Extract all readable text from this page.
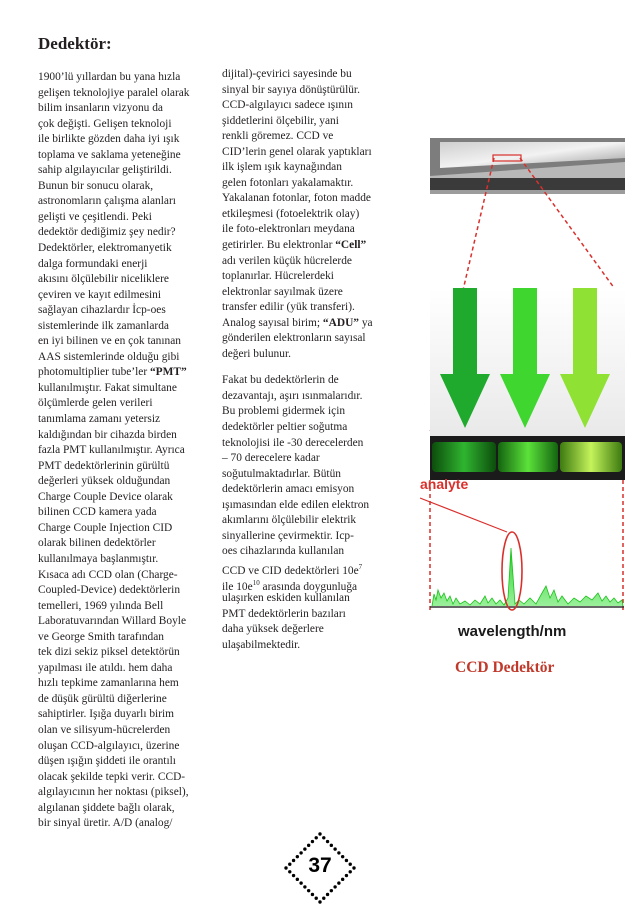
Dedektör:
1900’lü yıllardan bu yana hızla
gelişen teknolojiye paralel olarak
bilim insanların vizyonu da
çok değişti. Gelişen teknoloji
ile birlikte gözden daha iyi ışık
toplama ve saklama yeteneğine
sahip algılayıcılar geliştirildi.
Bunun bir sonucu olarak,
astronomların çalışma alanları
gelişti ve çeşitlendi. Peki
dedektör dediğimiz şey nedir?
Dedektörler, elektromanyetik
dalga formundaki enerji
akısını ölçülebilir niceliklere
çeviren ve kayıt edilmesini
sağlayan cihazlardır İcp-oes
sistemlerinde ilk zamanlarda
en iyi bilinen ve en çok tanınan
AAS sistemlerinde olduğu gibi
photomultiplier tube’ler “PMT”
kullanılmıştır. Fakat simultane
ölçümlerde gelen verileri
tanımlama zamanı yetersiz
kaldığından bir cihazda birden
fazla PMT kullanılmıştır. Ayrıca
PMT dedektörlerinin gürültü
değerleri yüksek olduğundan
Charge Couple Device olarak
bilinen CCD kamera yada
Charge Couple Injection CID
olarak bilinen dedektörler
kullanılmaya başlanmıştır.
Kısaca adı CCD olan (Charge-
Coupled-Device) dedektörlerin
temelleri, 1969 yılında Bell
Laboratuvarından Willard Boyle
ve George Smith tarafından
tek dizi sekiz piksel detektörün
yapılması ile atıldı. hem daha
hızlı tepkime zamanlarına hem
de düşük gürültü diğerlerine
sahiptirler. Işığa duyarlı birim
olan ve silisyum-hücrelerden
oluşan CCD-algılayıcı, üzerine
düşen ışığın şiddeti ile orantılı
olacak şekilde tepki verir. CCD-
algılayıcının her noktası (piksel),
algılanan şiddete bağlı olarak,
bir sinyal üretir. A/D (analog/
dijital)-çevirici sayesinde bu
sinyal bir sayıya dönüştürülür.
CCD-algılayıcı sadece ışının
şiddetlerini ölçebilir, yani
renkli göremez. CCD ve
CID’lerin genel olarak yaptıkları
ilk işlem ışık kaynağından
gelen fotonları yakalamaktır.
Yakalanan fotonlar, foton madde
etkileşmesi (fotoelektrik olay)
ile foto-elektronları meydana
getirirler. Bu elektronlar “Cell”
adı verilen küçük hücrelerde
toplanırlar. Hücrelerdeki
elektronlar sayılmak üzere
transfer edilir (yük transferi).
Analog sayısal birim; “ADU” ya
gönderilen elektronların sayısal
değeri bulunur.
Fakat bu dedektörlerin de
dezavantajı, aşırı ısınmalarıdır.
Bu problemi gidermek için
dedektörler peltier soğutma
teknolojisi ile -30 derecelerden
– 70 derecelere kadar
soğutulmaktadırlar. Bütün
dedektörlerin amacı emisyon
ışımasından elde edilen elektron
akımlarını ölçülebilir elektrik
sinyallerine çevirmektir. Icp-
oes cihazlarında kullanılan
CCD ve CID dedektörleri $10e^7$
ile $10e^{10}$ arasında doygunluğa
ulaşırken eskiden kullanılan
PMT dedektörlerin bazıları
daha yüksek değerlere
ulaşabilmektedir.
analyte
wavelength/nm
CCD Dedektör
37
